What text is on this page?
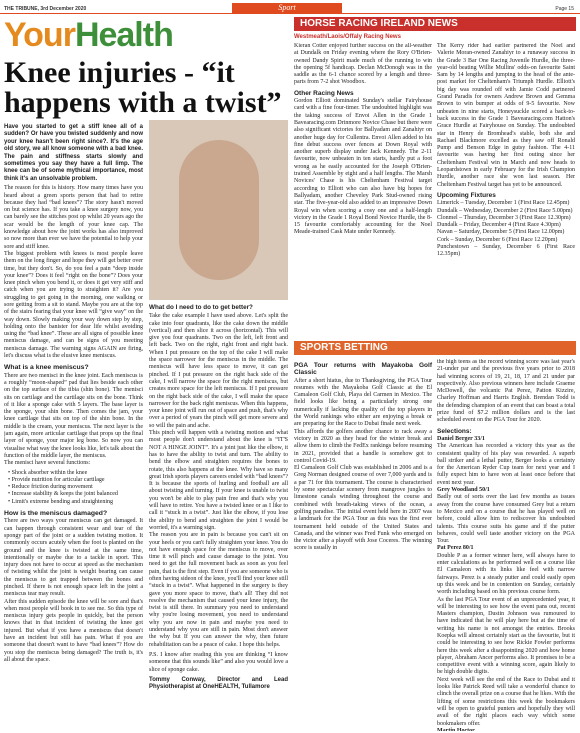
THE TRIBUNE, 3rd December 2020	Page 15
Sport
YourHealth
Knee injuries - “it happens with a twist”

Have you started to get a stiff knee all of a sudden? Or have you twisted suddenly and now your knee hasn't been right since?. It's the age old story, we all know someone with a bad knee. The pain and stiffness starts slowly and sometimes you say they have a full limp. The knee can be of some mythical importance, most think it's an unsolvable problem.

The reason for this is history. How many times have you heard about a green sports person that had to retire because they had “bad knees”? The story hasn't moved on but science has. If you take a knee surgery now, you can barely see the stitches post op whilst 20 years ago the scar would be the length of your knee cap. The knowledge about how the joint works has also improved so now more than ever we have the potential to help your sore and stiff knee.

The biggest problem with knees is most people leave them on the long finger and hope they will get better over time, but they don't. So, do you feel a pain “deep inside your knee”? Does it feel “right on the bone”? Does your knee pinch when you bend it, or does it get very stiff and catch when you are trying to straighten it? Are you struggling to get going in the morning, one walking or sore getting from a sit to stand. Maybe you are at the top of the stairs fearing that your knee will “give way” on the way down. Slowly making your way down step by step, holding onto the banister for dear life whilst avoiding using the “bad knee”. These are all signs of possible knee meniscus damage, and can be signs of you meeting meniscus damage. The warning signs AGAIN are firing, let's discuss what is the elusive knee meniscus.

What is a knee meniscus?

There are two menisci in the knee joint. Each meniscus is a roughly “moon-shaped” pad that lies beside each other on the top surface of the tibia (shin bone). The menisci sits on cartilage and the cartilage sits on the bone. Think of it like a sponge cake with 5 layers. The base layer is the sponge, your shin bone. Then comes the jam, your knee cartilage that sits on top of the shin bone. In the middle is the cream, your meniscus. The next layer is the jam again, more articular cartilage that props up the final layer of sponge, your major leg bone. So now you can visualise what way the knee looks like, let's talk about the function of the middle layer, the meniscus.

The menisci have several functions:

• Shock absorber within the knee
• Provide nutrition for articular cartilage
• Reduce friction during movement
• Increase stability & keeps the joint balanced
• Limit's extreme bending and straightening
How is the meniscus damaged?

There are two ways your meniscus can get damaged. It can happen through consistent wear and tear of the spongy part of the joint or a sudden twisting motion. It commonly occurs acutely when the foot is planted on the ground and the knee is twisted at the same time, intentionally or maybe due to a tackle in sport. This injury does not have to occur at speed as the mechanism of twisting whilst the joint is weight bearing can cause the meniscus to get trapped between the bones and pinched. If there is not enough space left in the joint a meniscus tear may result.

After this sudden episode the knee will be sore and that's when most people will book in to see me. So this type of meniscus injury gets people in quickly, but the person knows that in that incident of twisting the knee got injured. But what if you have a meniscus that doesn't have an incident but still has pain. What if you are someone that doesn't want to have “bad knees”? How do you stop the meniscus being damaged? The truth is, it's all about the space.

What do I need to do to get better?

Take the cake example I have used above. Let's split the cake into four quadrants, like the cake down the middle (vertical) and then slice it across (horizontal). This will give you four quadrants. Two on the left, left front and left back. Two on the right, right front and right back. When I put pressure on the top of the cake I will make the space narrower for the meniscus in the middle. The meniscus will have less space to move, it can get pinched. If I put pressure on the right back side of the cake, I will narrow the space for the right meniscus, but creates more space for the left meniscus. If I put pressure on the right back side of the cake, I will make the space narrower for the back right meniscus. When this happens, your knee joint will run out of space and push, that's why over a period of years the pinch will get more severe and so will the pain and ache.

This pinch will happen with a twisting motion and what most people don't understand about the knee is “IT'S NOT A HINGE JOINT”. It's a joint just like the elbow, it has to have the ability to twist and turn. The ability to bend the elbow and straighten requires the bones to rotate, this also happens at the knee. Why have so many great Irish sports players careers ended with “bad knees”? It is because the sports of hurling and football are all about twisting and turning. If your knee is unable to twist you won't be able to play pain free and that's why you will have to retire. You have a twisted knee or as I like to call it “stuck in a twist”. Just like the elbow, if you lose the ability to bend and straighten the joint I would be worried, it's a warning sign.

The reason you are in pain is because you can't sit on your heels or you can't fully straighten your knee. You do not have enough space for the meniscus to move, over time it will pinch and cause damage to the joint. You need to get the full movement back as soon as you feel pain, that is the first step. Even if you are someone who is often having sideon of the knee, you'll find your knee still “stuck in a twist”. What happened in the surgery is they gave you more space to move, that's all! They did not resolve the mechanism that caused your knee injury, the twist is still there. In summary you need to understand why you're losing movement, you need to understand why you are now in pain and maybe you need to understand why you are still in pain. Most don't answer the why but If you can answer the why, then future rehabilitation can be a peace of cake. I hope this helps.

P.S. I know after reading this you are thinking “I know someone that this sounds like” and also you would love a slice of sponge cake.

Tommy Conway, Director and Lead Physiotherapist at OneHEALTH, Tullamore
HORSE RACING IRELAND NEWS
Westmeath/Laois/Offaly Racing News

Kieran Cotter enjoyed further success on the all-weather at Dundalk on Friday evening where the Rory O'Brien-owned Dandy Spirit made much of the running to win the opening 5f handicap. Declan McDonogh was in the saddle as the 6-1 chance scored by a length and three-parts from 7-2 shot Woodbox.

Other Racing News

Gordon Elliott dominated Sunday's stellar Fairyhouse card with a fine four-timer. The undoubted highlight was the taking success of Envoi Allen in the Grade 1 Bavearacing.com Drinmore Novice Chase but there were also significant victories for Ballyadam and Zanahiyr on another huge day for Cullentra. Envoi Allen added to his fine debut success over fences at Down Royal with another superb display under Jack Kennedy. The 2-11 favourite, now unbeaten in ten starts, hardly put a foot wrong as he easily accounted for the Joseph O'Brien-trained Assemble by eight and a half lengths. The Marsh Novices' Chase is his Cheltenham Festival target according to Elliott who can also have big hopes for Ballyadam, another Cheveley Park Stud-owned rising star. The five-year-old also added to an impressive Down Royal win when scoring a cosy one and a half-length victory in the Grade 1 Royal Bond Novice Hurdle, the 8-15 favourite comfortably accounting for the Noel Meade-trained Cask Mate under Kennedy.

The Kerry rider had earlier partnered the Noel and Valerie Moran-owned Zanahiyr to a runaway success in the Grade 3 Bar One Racing Juvenile Hurdle, the three-year-old beating Willie Mullins' odds-on favourite Saint Sam by 14 lengths and jumping to the head of the ante-post market for Cheltenham's Triumph Hurdle. Elliott's big day was rounded off with Jamie Codd partnered Grand Paradis for owners Andrew Brown and Gemma Brown to win bumper at odds of 9-5 favourite. Now unbeaten in nine starts, Honeysuckle scored a back-to-back success in the Grade 1 Bavearacing.com Hatton's Grace Hurdle at Fairyhouse on Sunday. The undoubted star in Henry de Bromhead's stable, both she and Rachael Blackmore excelled as they saw off Ronald Pump and Benson Edge in gutsy fashion. The 4-11 favourite was having her first outing since her Cheltenham Festival win in March and now heads to Leopardstown in early February for the Irish Champion Hurdle, another race she won last season. Her Cheltenham Festival target has yet to be announced.

Upcoming Fixtures

Limerick – Tuesday, December 1 (First Race 12.45pm)

Dundalk – Wednesday, December 2 (First Race 5.00pm)

Clonmel – Thursday, December 3 (First Race 12.30pm)

Dundalk – Friday, December 4 (First Race 4.30pm)

Navan – Saturday, December 5 (First Race 12.00pm)

Cork – Sunday, December 6 (First Race 12.20pm)

Punchestown – Sunday, December 6 (First Race 12.35pm)

SPORTS BETTING
PGA Tour returns with Mayakoba Golf Classic

After a short hiatus, due to Thanksgiving, the PGA Tour resumes with the Mayakoba Golf Classic at the El Camaleon Golf Club, Playa del Carmen in Mexico. The field looks like being a particularly strong one numerically if lacking the quality of the top players in the World rankings who either are enjoying a break or are preparing for the Race to Dubai finale next week.

This affords the golfers another chance to rack away a victory in 2020 as they head for the winter break and allow them to climb the FedEx rankings before resuming in 2021, provided that a handle is somehow got to control Covid-19.

El Camaleon Golf Club was established in 2006 and is a Greg Norman designed course of over 7,000 yards and is a par 71 for this tournament. The course is characterised by some spectacular scenery from mangrove jungles to limestone canals winding throughout the course and combined with breath-taking views of the ocean, a golfing paradise. The initial event held here in 2007 was a landmark for the PGA Tour as this was the first ever tournament held outside of the United States and Canada, and the winner was Fred Funk who emerged on the victor after a playoff with Jose Coceres. The winning score is usually in

the high teens as the record winning score was last year's 21-under par and the previous five years prior to 2018 had winning scores of 19, 21, 18, 17 and 21 under par respectively. Also previous winners here include Graeme McDowell, the volcanic Pat Perez, Patton Kizzire, Charley Hoffman and Harris English. Brendan Todd is the defending champion of an event that can boast a total prize fund of $7.2 million dollars and is the last scheduled event on the PGA Tour for 2020.

Selections:

Daniel Berger 33/1

The American has recorded a victory this year as the consistent quality of his play was rewarded. A superb ball striker and a lethal putter, Berger looks a certainty for the American Ryder Cup team for next year and I fully expect him to have won at least once before that event next year.

Grey Woodland 50/1

Badly out of sorts over the last few months as issues away from the course have consumed Grey but a return to Mexico and on a course that he has played well on before, could allow him to rediscover his undoubted talents. This course suits his game and if the putter behaves, could well taste another victory on the PGA Tour.

Pat Perez 80/1

Double P as a former winner here, will always have to enter calculations as he performed well on a course like El Camaleon with its links like feel with narrow fairways. Perez is a steady putter and could easily open up this week and be in contention on Sunday, certainly worth including based on his previous course form.

As the last PGA Tour event of an unprecedented year, it will be interesting to see how the event pans out, recent Masters champion, Dustin Johnson was rumoured to have indicated that he will play here but at the time of writing his name is not amongst the entries. Brooks Koepka will almost certainly start as the favourite, but it could be interesting to see how Rickie Fowler performs here this week after a disappointing 2020 and how home player, Abraham Ancer performs also. It promises to be a competitive event with a winning score, again likely to be high double digits.

Next week will see the end of the Race to Dubai and it looks like Patrick Reed will take a wonderful chance to clinch the overall prize on a course that he likes. With the lifting of some restrictions this week the bookmakers will be open to grateful punters and hopefully they will avail of the right places each way which some bookmakers offer.

Martin Hoctor.
